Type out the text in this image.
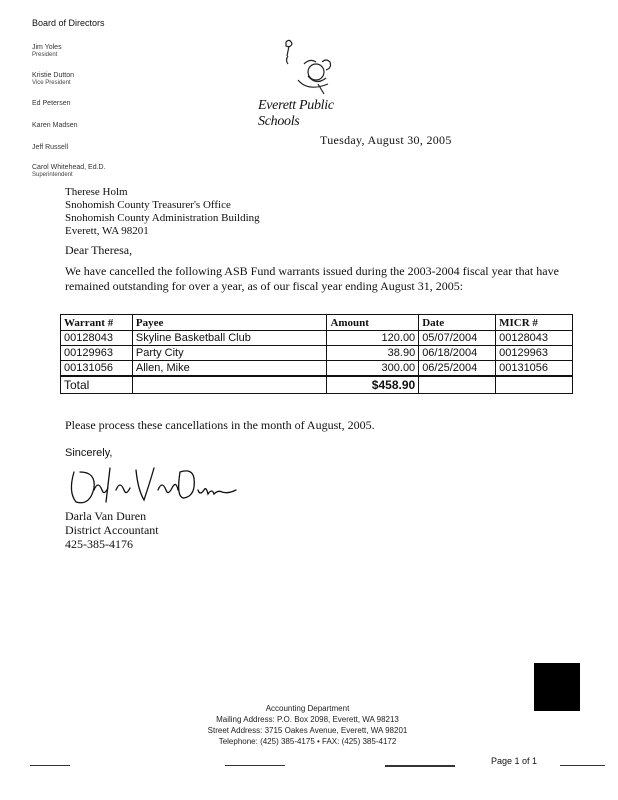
Board of Directors
Jim Yoles
President
Kristie Dutton
Vice President
Ed Petersen
Karen Madsen
Jeff Russell
Carol Whitehead, Ed.D.
Superintendent
Everett Public Schools
Tuesday, August 30, 2005
Therese Holm
Snohomish County Treasurer's Office
Snohomish County Administration Building
Everett, WA 98201
Dear Theresa,
We have cancelled the following ASB Fund warrants issued during the 2003-2004 fiscal year that have remained outstanding for over a year, as of our fiscal year ending August 31, 2005:
Warrant #	Payee	Amount	Date	MICR #
00128043	Skyline Basketball Club	120.00	05/07/2004	00128043
00129963	Party City	38.90	06/18/2004	00129963
00131056	Allen, Mike	300.00	06/25/2004	00131056
Total		$458.90		
Please process these cancellations in the month of August, 2005.
Sincerely,
Darla Van Duren
District Accountant
425-385-4176
Accounting Department
Mailing Address: P.O. Box 2098, Everett, WA 98213
Street Address: 3715 Oakes Avenue, Everett, WA 98201
Telephone: (425) 385-4175 • FAX: (425) 385-4172
Page 1 of 1
